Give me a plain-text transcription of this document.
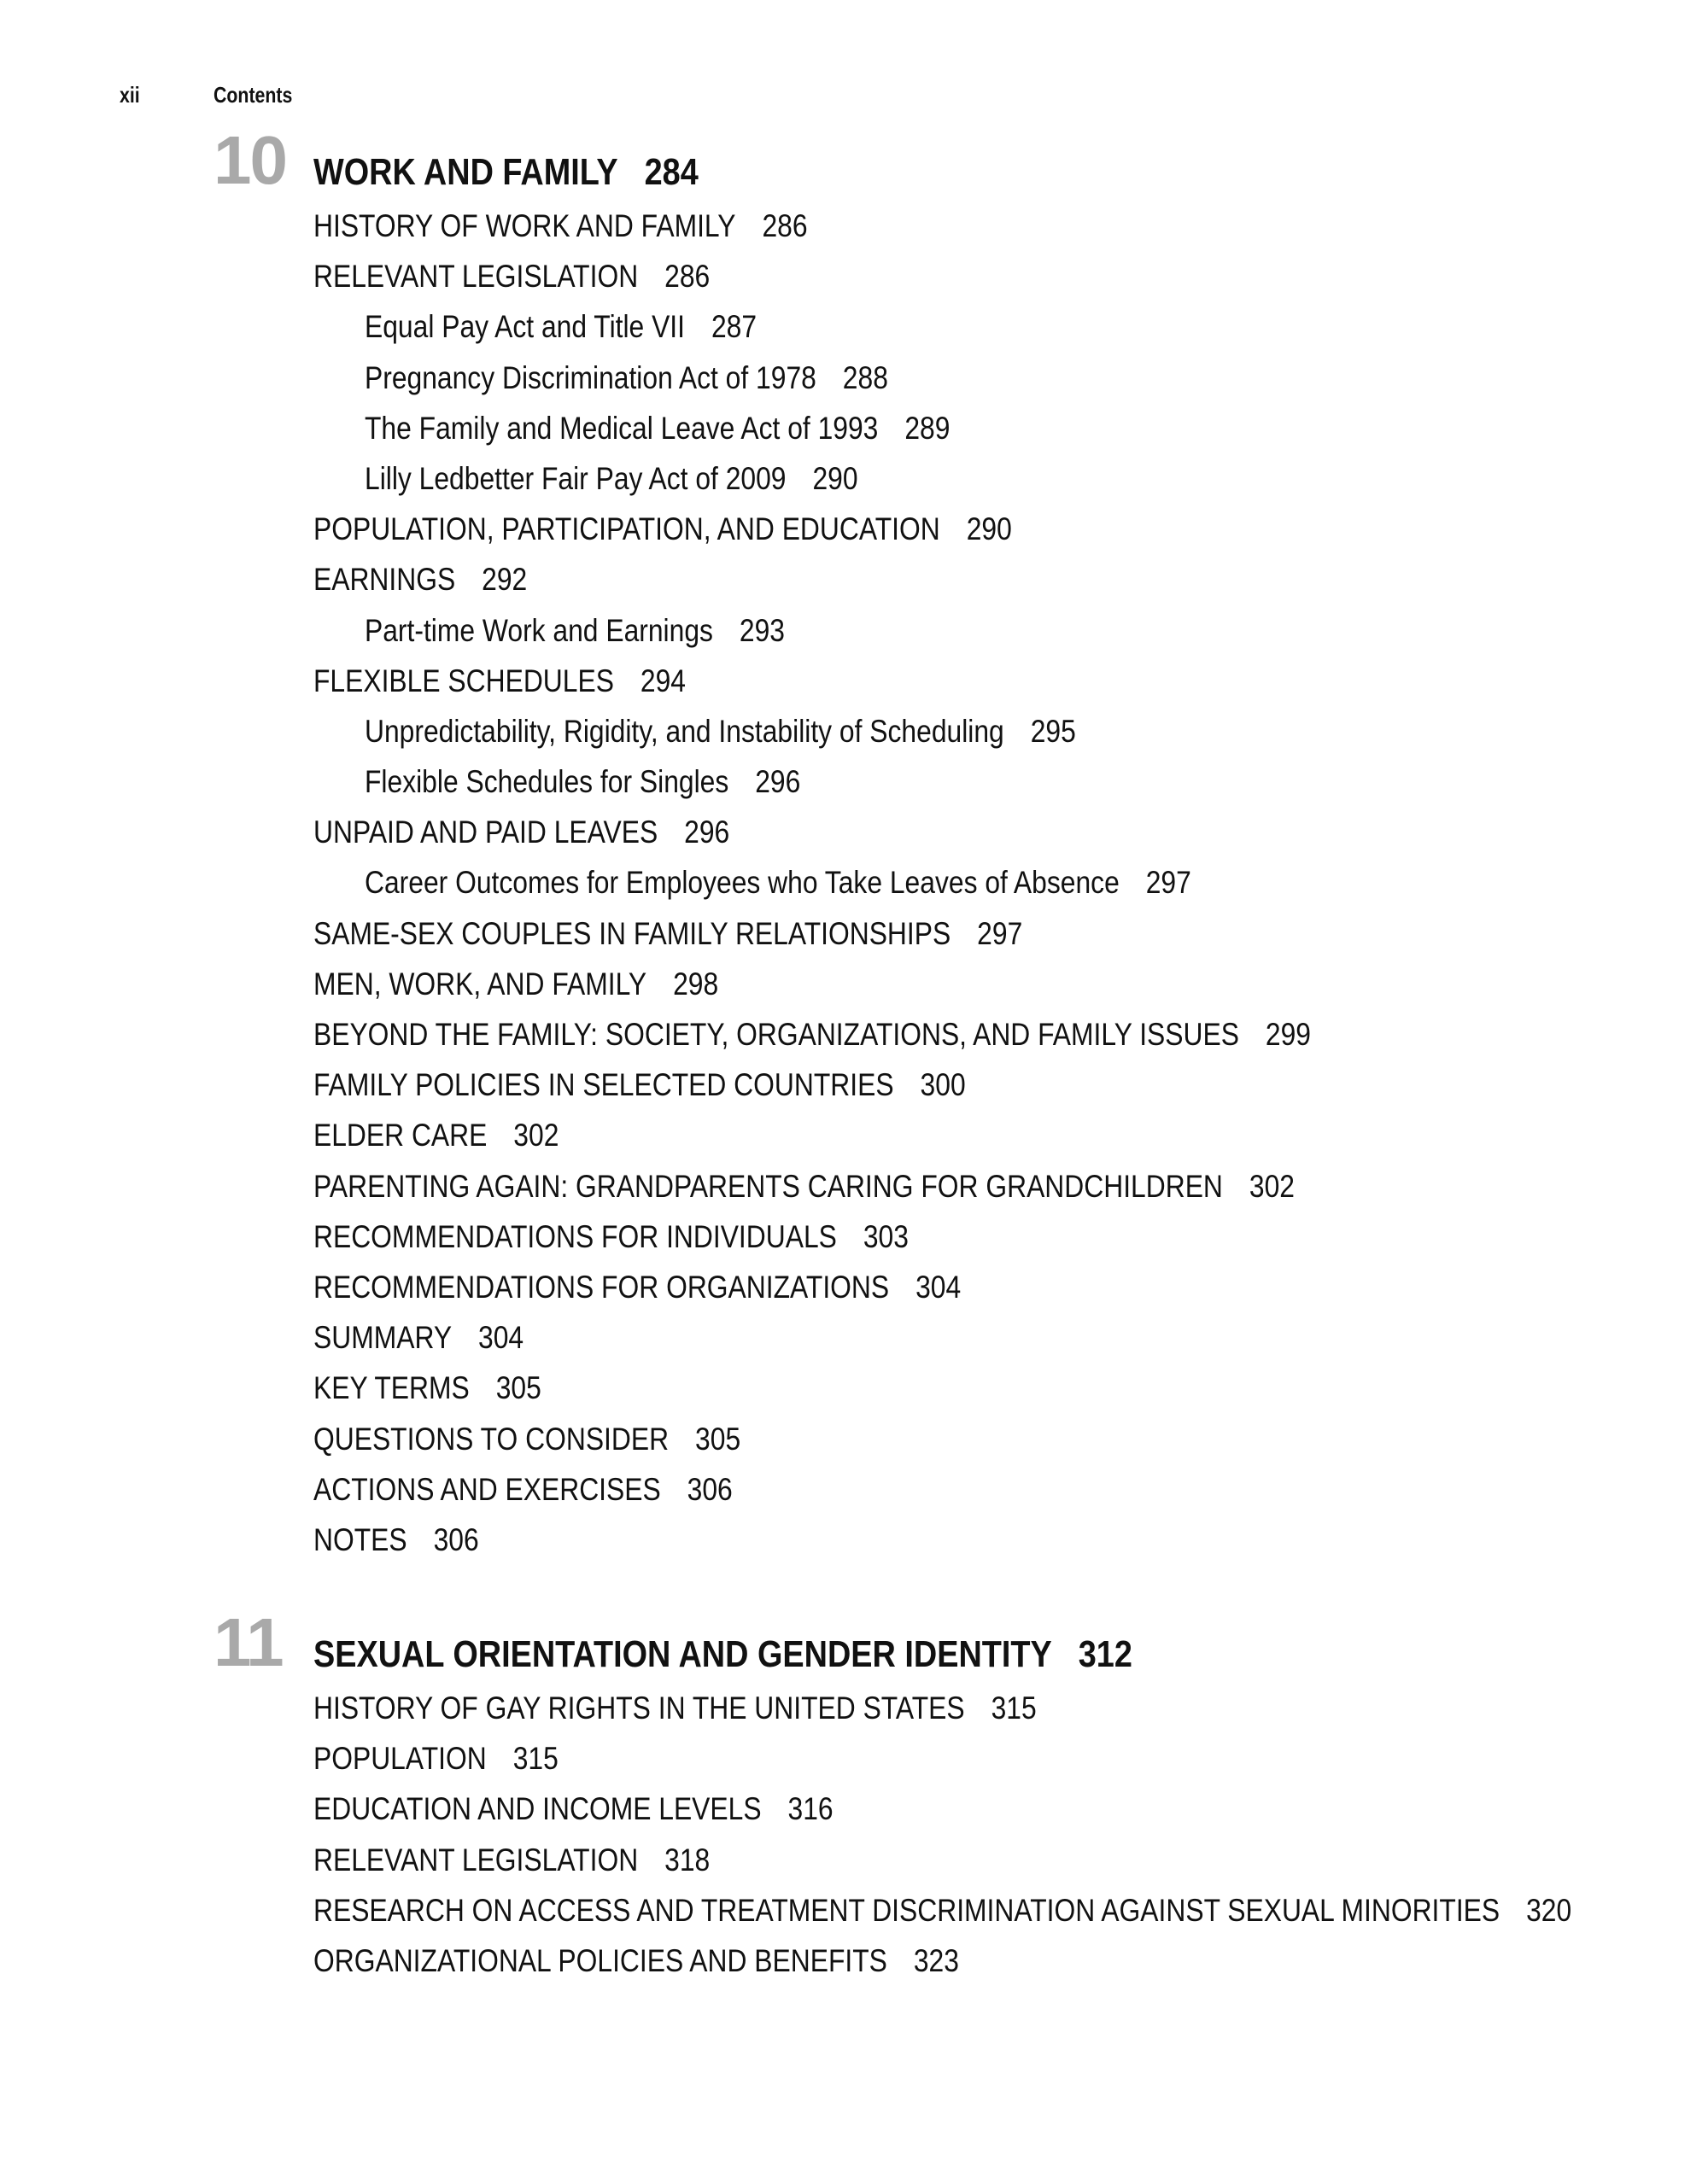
xii	Contents
10 WORK AND FAMILY 284
HISTORY OF WORK AND FAMILY 286
RELEVANT LEGISLATION 286
Equal Pay Act and Title VII 287
Pregnancy Discrimination Act of 1978 288
The Family and Medical Leave Act of 1993 289
Lilly Ledbetter Fair Pay Act of 2009 290
POPULATION, PARTICIPATION, AND EDUCATION 290
EARNINGS 292
Part-time Work and Earnings 293
FLEXIBLE SCHEDULES 294
Unpredictability, Rigidity, and Instability of Scheduling 295
Flexible Schedules for Singles 296
UNPAID AND PAID LEAVES 296
Career Outcomes for Employees who Take Leaves of Absence 297
SAME-SEX COUPLES IN FAMILY RELATIONSHIPS 297
MEN, WORK, AND FAMILY 298
BEYOND THE FAMILY: SOCIETY, ORGANIZATIONS, AND FAMILY ISSUES 299
FAMILY POLICIES IN SELECTED COUNTRIES 300
ELDER CARE 302
PARENTING AGAIN: GRANDPARENTS CARING FOR GRANDCHILDREN 302
RECOMMENDATIONS FOR INDIVIDUALS 303
RECOMMENDATIONS FOR ORGANIZATIONS 304
SUMMARY 304
KEY TERMS 305
QUESTIONS TO CONSIDER 305
ACTIONS AND EXERCISES 306
NOTES 306
11 SEXUAL ORIENTATION AND GENDER IDENTITY 312
HISTORY OF GAY RIGHTS IN THE UNITED STATES 315
POPULATION 315
EDUCATION AND INCOME LEVELS 316
RELEVANT LEGISLATION 318
RESEARCH ON ACCESS AND TREATMENT DISCRIMINATION AGAINST SEXUAL MINORITIES 320
ORGANIZATIONAL POLICIES AND BENEFITS 323
